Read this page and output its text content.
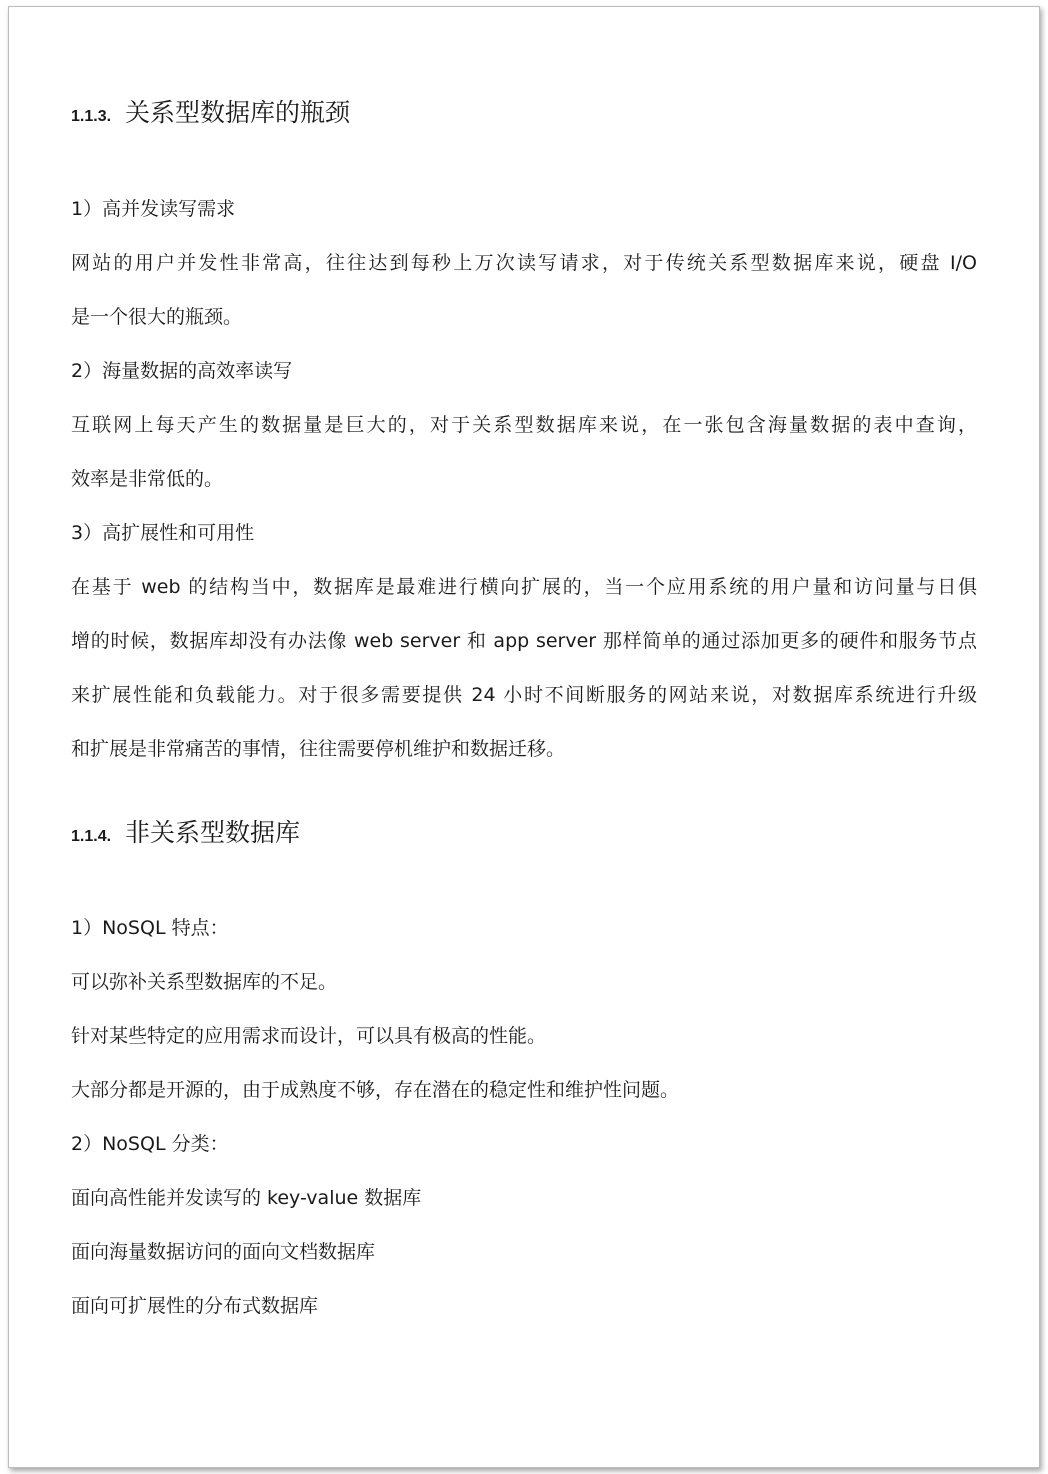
1.1.3. 关系型数据库的瓶颈
1）高并发读写需求
网站的用户并发性非常高，往往达到每秒上万次读写请求，对于传统关系型数据库来说，硬盘 I/O
是一个很大的瓶颈。
2）海量数据的高效率读写
互联网上每天产生的数据量是巨大的，对于关系型数据库来说，在一张包含海量数据的表中查询，
效率是非常低的。
3）高扩展性和可用性
在基于 web 的结构当中，数据库是最难进行横向扩展的，当一个应用系统的用户量和访问量与日俱
增的时候，数据库却没有办法像 web server 和 app server 那样简单的通过添加更多的硬件和服务节点
来扩展性能和负载能力。对于很多需要提供 24 小时不间断服务的网站来说，对数据库系统进行升级
和扩展是非常痛苦的事情，往往需要停机维护和数据迁移。
1.1.4. 非关系型数据库
1）NoSQL 特点：
可以弥补关系型数据库的不足。
针对某些特定的应用需求而设计，可以具有极高的性能。
大部分都是开源的，由于成熟度不够，存在潜在的稳定性和维护性问题。
2）NoSQL 分类：
面向高性能并发读写的 key-value 数据库
面向海量数据访问的面向文档数据库
面向可扩展性的分布式数据库
